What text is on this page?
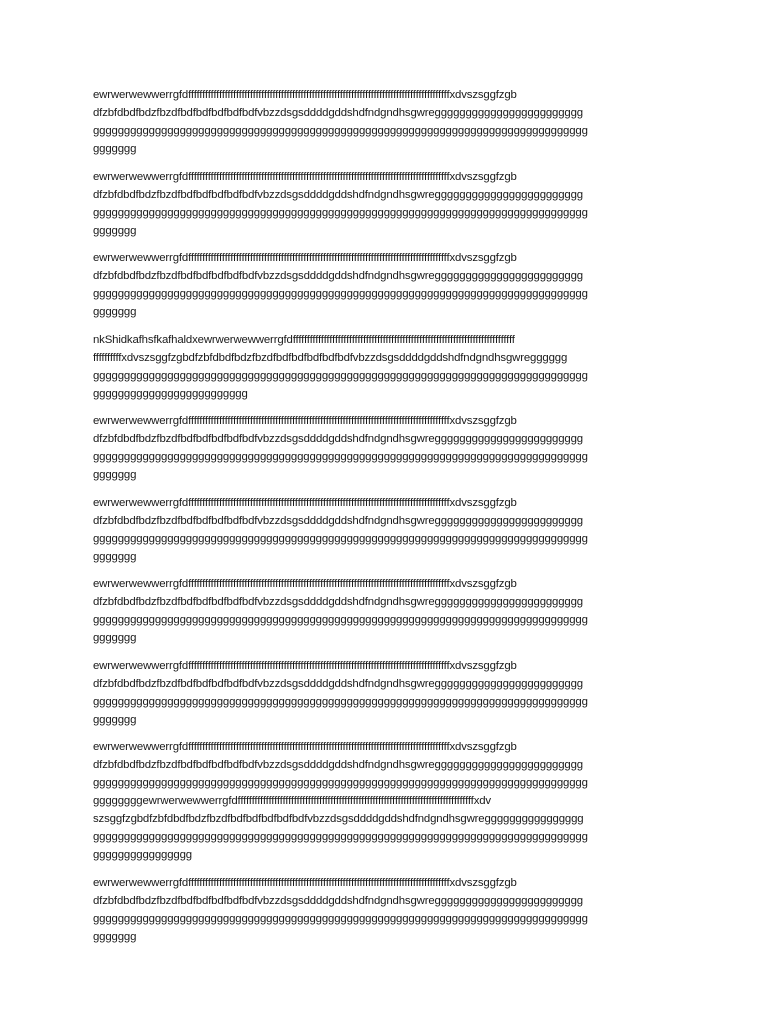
ewrwerwewwerrgfdfffffffffffffffffffffffffffffffffffffffffffffffffffffffffffffffffffffffffffffffffffffffffffffxdvszsggfzgb
dfzbfdbdfbdzfbzdfbdfbdfbdfbdfbdfvbzzdsgsddddgddshdfndgndhsgwregggggggggggggggggggggggg
gggggggggggggggggggggggggggggggggggggggggggggggggggggggggggggggggggggggggggggggg
ggggggg

ewrwerwewwerrgfdfffffffffffffffffffffffffffffffffffffffffffffffffffffffffffffffffffffffffffffffffffffffffffffxdvszsggfzgb
dfzbfdbdfbdzfbzdfbdfbdfbdfbdfbdfvbzzdsgsddddgddshdfndgndhsgwregggggggggggggggggggggggg
gggggggggggggggggggggggggggggggggggggggggggggggggggggggggggggggggggggggggggggggg
ggggggg

ewrwerwewwerrgfdfffffffffffffffffffffffffffffffffffffffffffffffffffffffffffffffffffffffffffffffffffffffffffffxdvszsggfzgb
dfzbfdbdfbdzfbzdfbdfbdfbdfbdfbdfvbzzdsgsddddgddshdfndgndhsgwregggggggggggggggggggggggg
gggggggggggggggggggggggggggggggggggggggggggggggggggggggggggggggggggggggggggggggg
ggggggg

nkShidkafhsfkafhaldxewrwerwewwerrgfdfffffffffffffffffffffffffffffffffffffffffffffffffffffffffffffffffffffffffffffff
ffffffffffxdvszsggfzgbdfzbfdbdfbdzfbzdfbdfbdfbdfbdfbdfvbzzdsgsddddgddshdfndgndhsgwregggggg
gggggggggggggggggggggggggggggggggggggggggggggggggggggggggggggggggggggggggggggggg
ggggggggggggggggggggggggg

ewrwerwewwerrgfdfffffffffffffffffffffffffffffffffffffffffffffffffffffffffffffffffffffffffffffffffffffffffffffxdvszsggfzgb
dfzbfdbdfbdzfbzdfbdfbdfbdfbdfbdfvbzzdsgsddddgddshdfndgndhsgwregggggggggggggggggggggggg
gggggggggggggggggggggggggggggggggggggggggggggggggggggggggggggggggggggggggggggggg
ggggggg

ewrwerwewwerrgfdfffffffffffffffffffffffffffffffffffffffffffffffffffffffffffffffffffffffffffffffffffffffffffffxdvszsggfzgb
dfzbfdbdfbdzfbzdfbdfbdfbdfbdfbdfvbzzdsgsddddgddshdfndgndhsgwregggggggggggggggggggggggg
gggggggggggggggggggggggggggggggggggggggggggggggggggggggggggggggggggggggggggggggg
ggggggg

ewrwerwewwerrgfdfffffffffffffffffffffffffffffffffffffffffffffffffffffffffffffffffffffffffffffffffffffffffffffxdvszsggfzgb
dfzbfdbdfbdzfbzdfbdfbdfbdfbdfbdfvbzzdsgsddddgddshdfndgndhsgwregggggggggggggggggggggggg
gggggggggggggggggggggggggggggggggggggggggggggggggggggggggggggggggggggggggggggggg
ggggggg

ewrwerwewwerrgfdfffffffffffffffffffffffffffffffffffffffffffffffffffffffffffffffffffffffffffffffffffffffffffffxdvszsggfzgb
dfzbfdbdfbdzfbzdfbdfbdfbdfbdfbdfvbzzdsgsddddgddshdfndgndhsgwregggggggggggggggggggggggg
gggggggggggggggggggggggggggggggggggggggggggggggggggggggggggggggggggggggggggggggg
ggggggg

ewrwerwewwerrgfdfffffffffffffffffffffffffffffffffffffffffffffffffffffffffffffffffffffffffffffffffffffffffffffxdvszsggfzgb
dfzbfdbdfbdzfbzdfbdfbdfbdfbdfbdfvbzzdsgsddddgddshdfndgndhsgwregggggggggggggggggggggggg
gggggggggggggggggggggggggggggggggggggggggggggggggggggggggggggggggggggggggggggggg
ggggggggewrwerwewwerrgfdffffffffffffffffffffffffffffffffffffffffffffffffffffffffffffffffffffffffffffffffffffxdv
szsggfzgbdfzbfdbdfbdzfbzdfbdfbdfbdfbdfbdfvbzzdsgsddddgddshdfndgndhsgwregggggggggggggggg
gggggggggggggggggggggggggggggggggggggggggggggggggggggggggggggggggggggggggggggggg
gggggggggggggggg

ewrwerwewwerrgfdfffffffffffffffffffffffffffffffffffffffffffffffffffffffffffffffffffffffffffffffffffffffffffffxdvszsggfzgb
dfzbfdbdfbdzfbzdfbdfbdfbdfbdfbdfvbzzdsgsddddgddshdfndgndhsgwregggggggggggggggggggggggg
gggggggggggggggggggggggggggggggggggggggggggggggggggggggggggggggggggggggggggggggg
ggggggg
